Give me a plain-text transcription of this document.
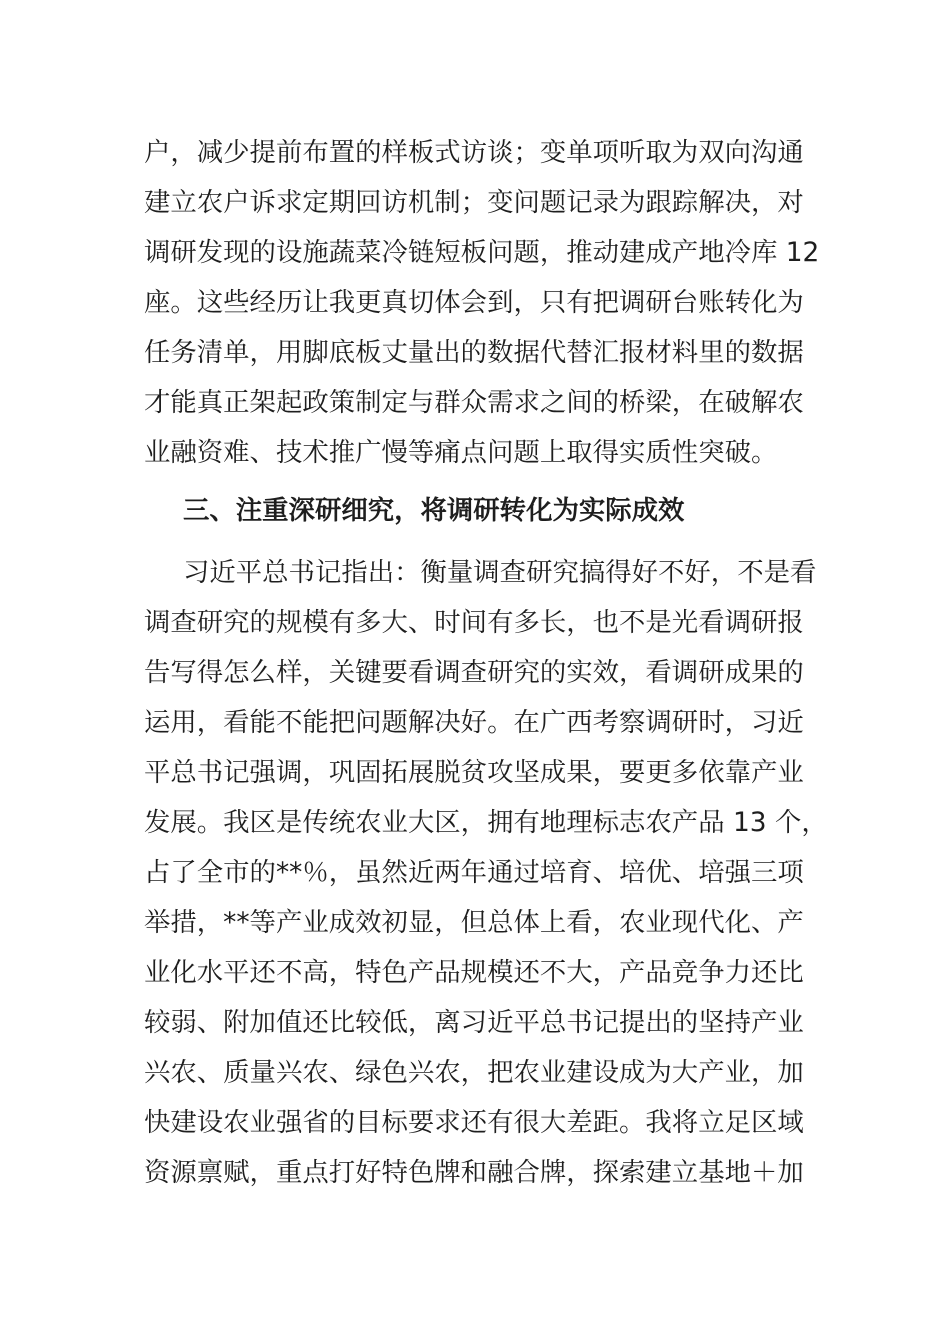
户，减少提前布置的样板式访谈；变单项听取为双向沟通
建立农户诉求定期回访机制；变问题记录为跟踪解决，对
调研发现的设施蔬菜冷链短板问题，推动建成产地冷库 12
座。这些经历让我更真切体会到，只有把调研台账转化为
任务清单，用脚底板丈量出的数据代替汇报材料里的数据
才能真正架起政策制定与群众需求之间的桥梁，在破解农
业融资难、技术推广慢等痛点问题上取得实质性突破。
三、注重深研细究，将调研转化为实际成效
习近平总书记指出：衡量调查研究搞得好不好，不是看
调查研究的规模有多大、时间有多长，也不是光看调研报
告写得怎么样，关键要看调查研究的实效，看调研成果的
运用，看能不能把问题解决好。在广西考察调研时，习近
平总书记强调，巩固拓展脱贫攻坚成果，要更多依靠产业
发展。我区是传统农业大区，拥有地理标志农产品 13 个，
占了全市的**％，虽然近两年通过培育、培优、培强三项
举措，**等产业成效初显，但总体上看，农业现代化、产
业化水平还不高，特色产品规模还不大，产品竞争力还比
较弱、附加值还比较低，离习近平总书记提出的坚持产业
兴农、质量兴农、绿色兴农，把农业建设成为大产业，加
快建设农业强省的目标要求还有很大差距。我将立足区域
资源禀赋，重点打好特色牌和融合牌，探索建立基地＋加
